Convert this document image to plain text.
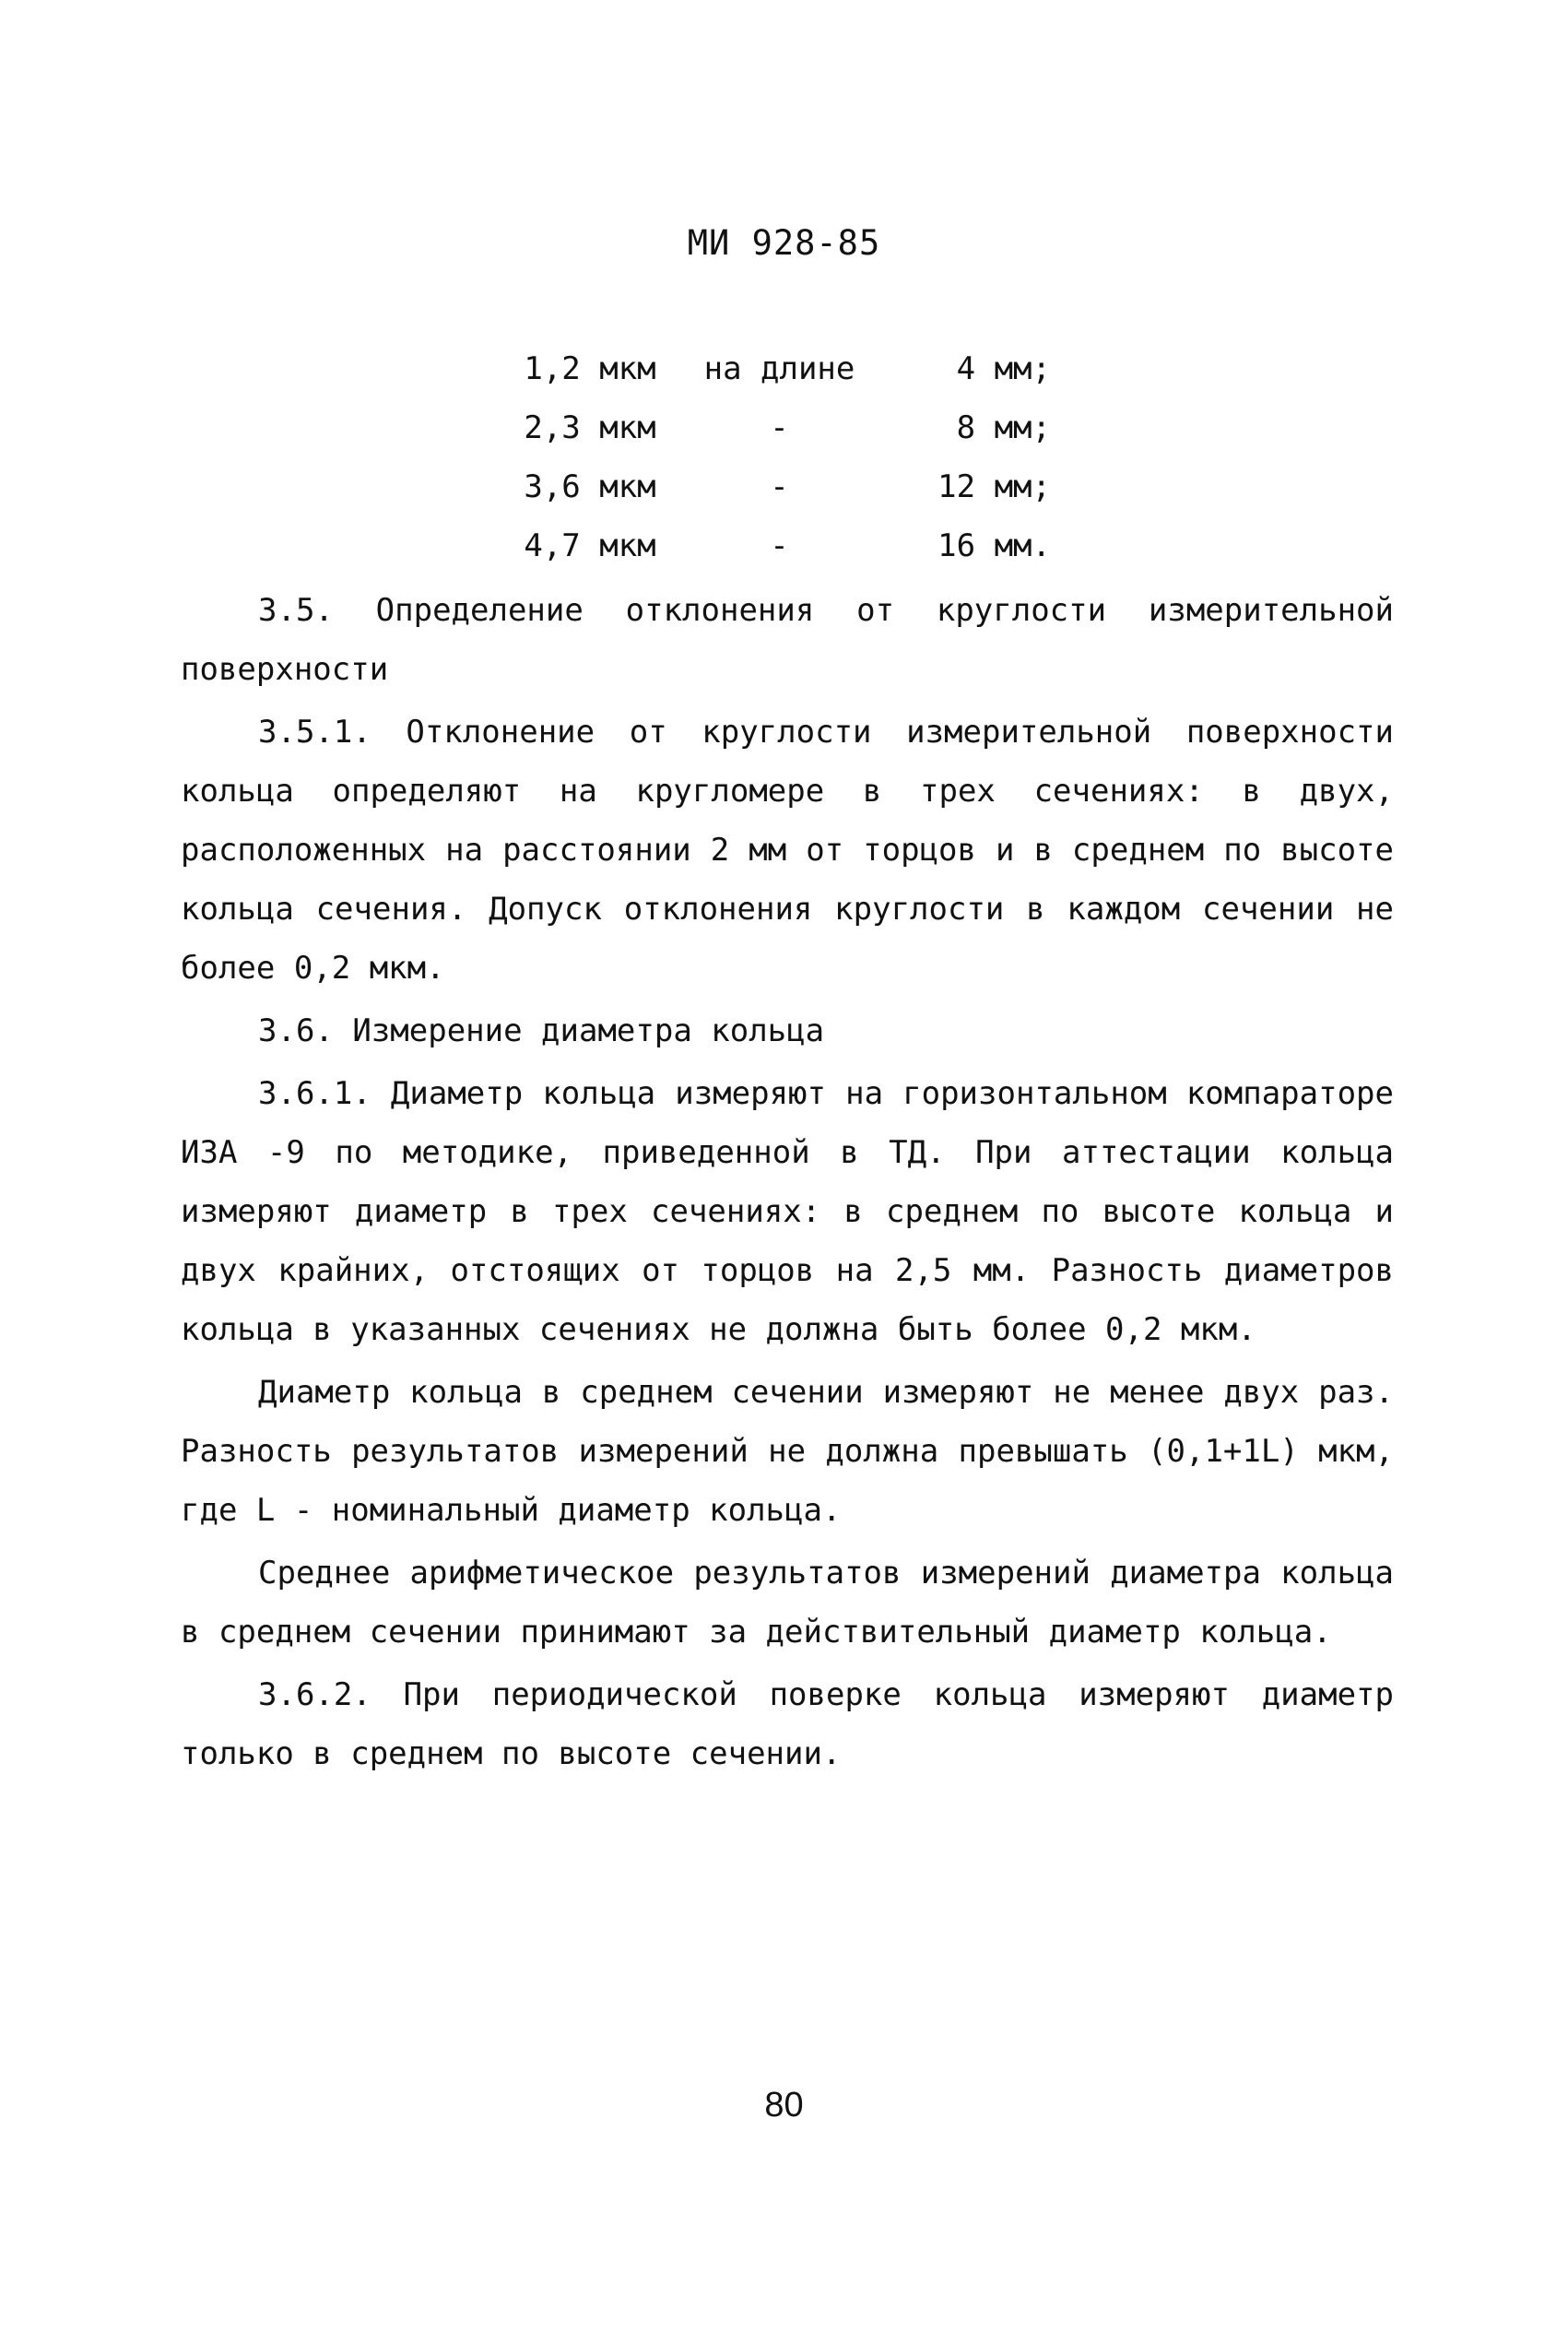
МИ 928-85
1,2 мкм	на длине	4 мм;
2,3 мкм	-	8 мм;
3,6 мкм	-	12 мм;
4,7 мкм	-	16 мм.

3.5. Определение отклонения от круглости измерительной поверхности

3.5.1. Отклонение от круглости измерительной поверхности кольца определяют на кругломере в трех сечениях: в двух, расположенных на расстоянии 2 мм от торцов и в среднем по высоте кольца сечения. Допуск отклонения круглости в каждом сечении не более 0,2 мкм.

3.6. Измерение диаметра кольца

3.6.1. Диаметр кольца измеряют на горизонтальном компараторе ИЗА -9 по методике, приведенной в ТД. При аттестации кольца измеряют диаметр в трех сечениях: в среднем по высоте кольца и двух крайних, отстоящих от торцов на 2,5 мм. Разность диаметров кольца в указанных сечениях не должна быть более 0,2 мкм.

Диаметр кольца в среднем сечении измеряют не менее двух раз. Разность результатов измерений не должна превышать (0,1+1L) мкм, где L - номинальный диаметр кольца.

Среднее арифметическое результатов измерений диаметра кольца в среднем сечении принимают за действительный диаметр кольца.

3.6.2. При периодической поверке кольца измеряют диаметр только в среднем по высоте сечении.

80
